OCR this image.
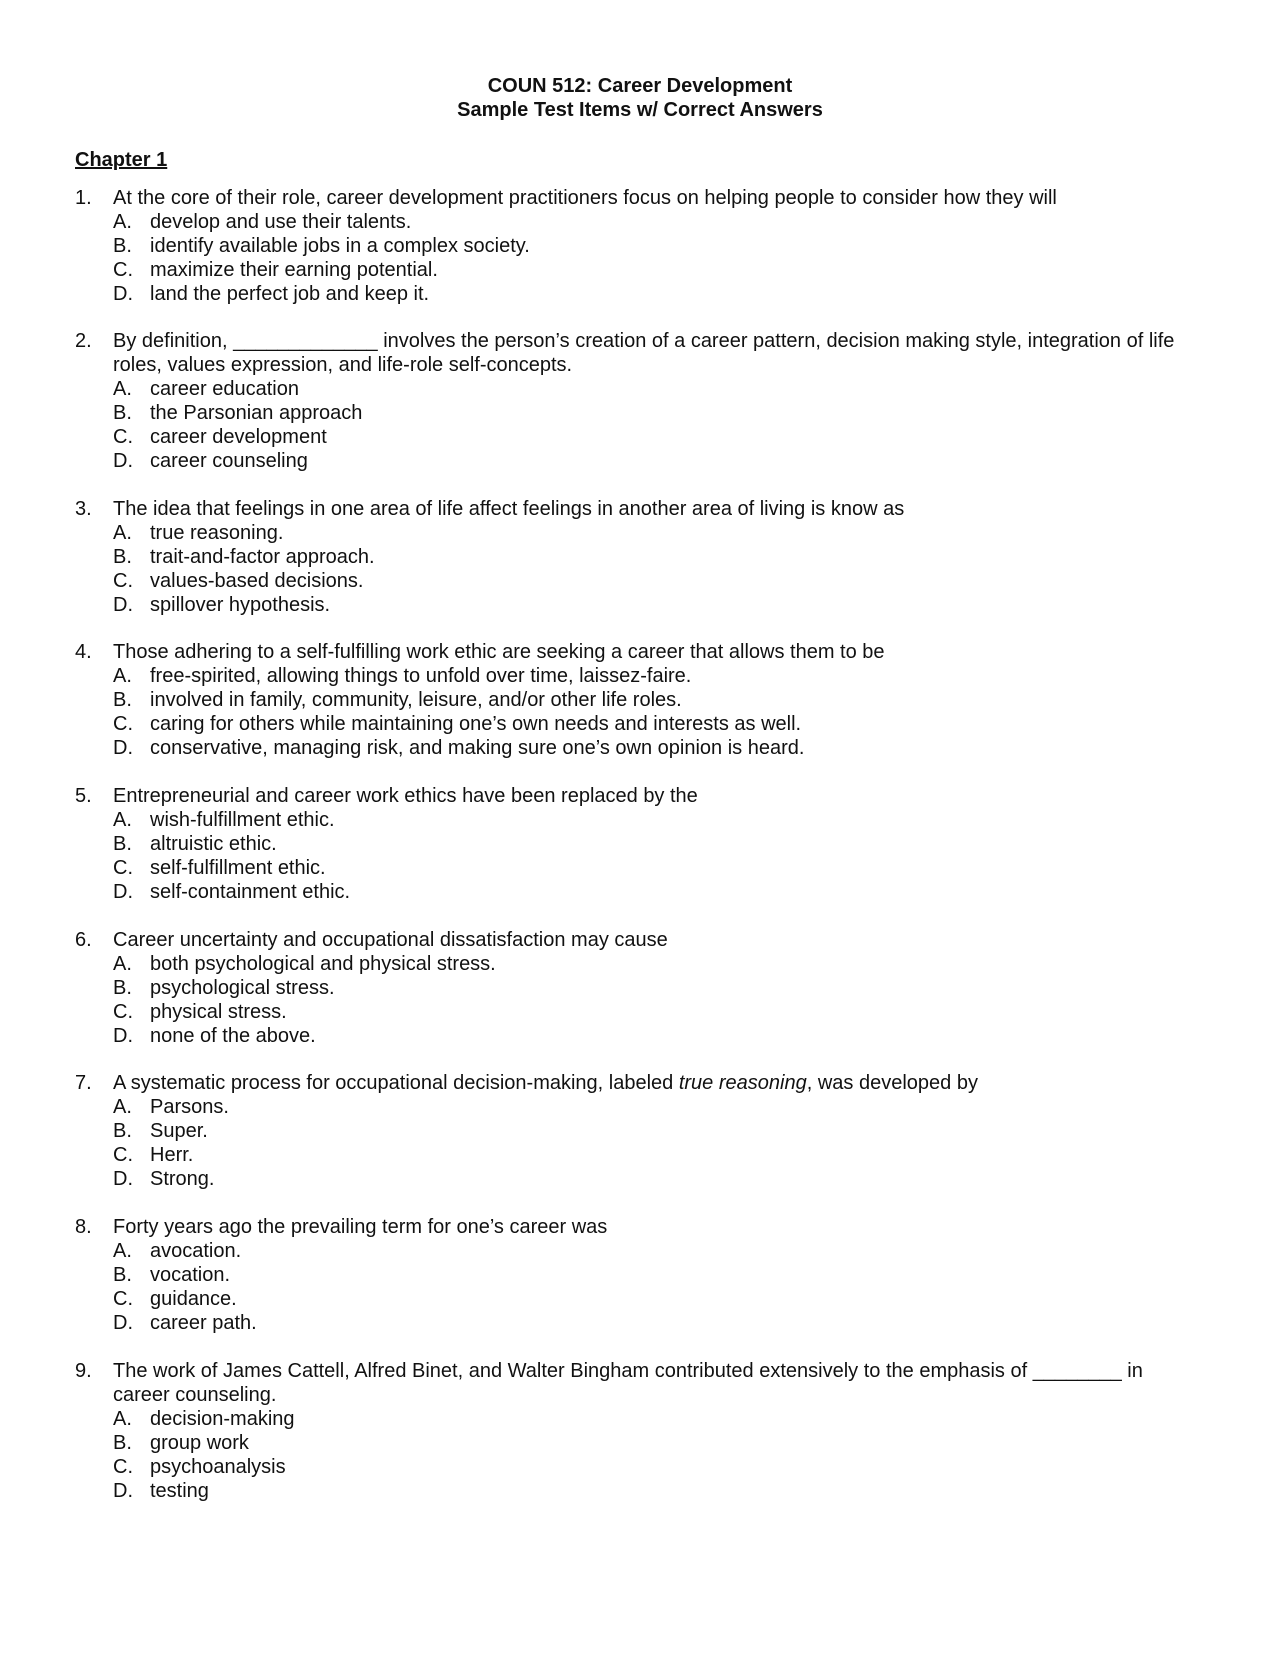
COUN 512: Career Development
Sample Test Items w/ Correct Answers
Chapter 1
1.	At the core of their role, career development practitioners focus on helping people to consider how they will
A. develop and use their talents.
B. identify available jobs in a complex society.
C. maximize their earning potential.
D. land the perfect job and keep it.
2.	By definition, _____________ involves the person’s creation of a career pattern, decision making style, integration of life roles, values expression, and life-role self-concepts.
A. career education
B. the Parsonian approach
C. career development
D. career counseling
3.	The idea that feelings in one area of life affect feelings in another area of living is know as
A. true reasoning.
B. trait-and-factor approach.
C. values-based decisions.
D. spillover hypothesis.
4.	Those adhering to a self-fulfilling work ethic are seeking a career that allows them to be
A. free-spirited, allowing things to unfold over time, laissez-faire.
B. involved in family, community, leisure, and/or other life roles.
C. caring for others while maintaining one’s own needs and interests as well.
D. conservative, managing risk, and making sure one’s own opinion is heard.
5.	Entrepreneurial and career work ethics have been replaced by the
A. wish-fulfillment ethic.
B. altruistic ethic.
C. self-fulfillment ethic.
D. self-containment ethic.
6.	Career uncertainty and occupational dissatisfaction may cause
A. both psychological and physical stress.
B. psychological stress.
C. physical stress.
D. none of the above.
7.	A systematic process for occupational decision-making, labeled true reasoning, was developed by
A. Parsons.
B. Super.
C. Herr.
D. Strong.
8.	Forty years ago the prevailing term for one’s career was
A. avocation.
B. vocation.
C. guidance.
D. career path.
9.	The work of James Cattell, Alfred Binet, and Walter Bingham contributed extensively to the emphasis of ________ in career counseling.
A. decision-making
B. group work
C. psychoanalysis
D. testing
